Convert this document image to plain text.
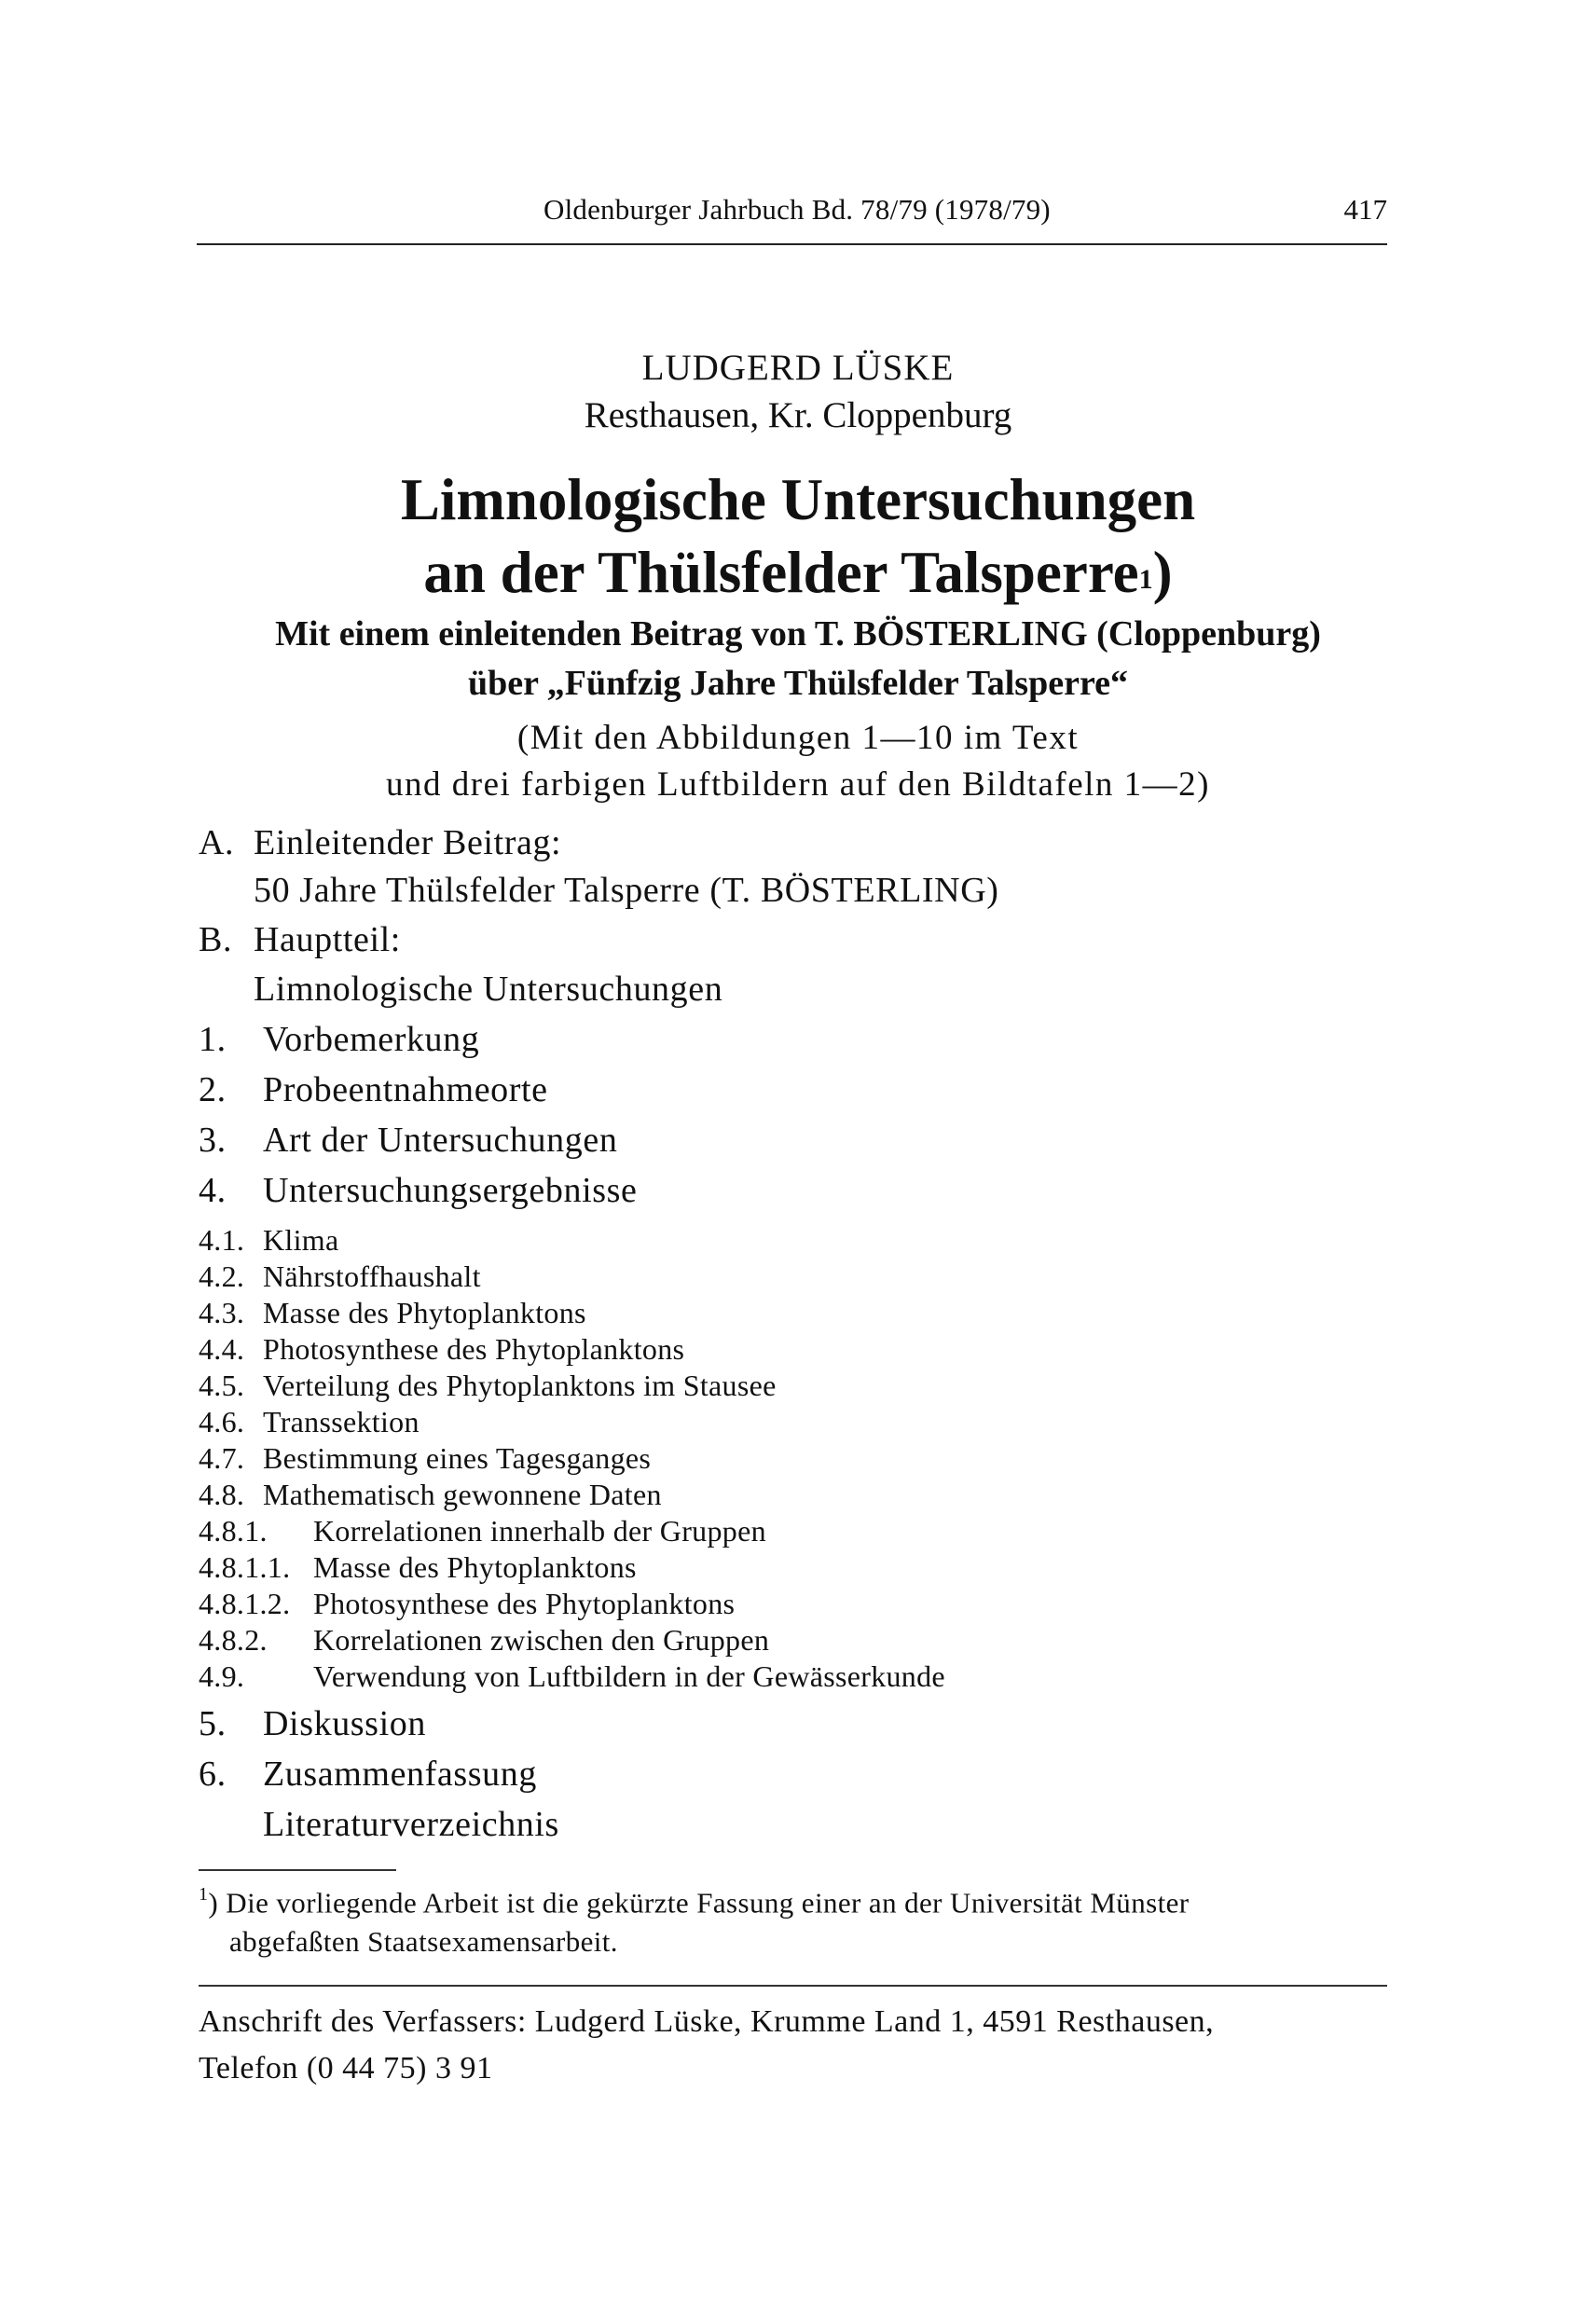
Oldenburger Jahrbuch Bd. 78/79 (1978/79)	417
LUDGERD LÜSKE
Resthausen, Kr. Cloppenburg
Limnologische Untersuchungen
an der Thülsfelder Talsperre$^1$)
Mit einem einleitenden Beitrag von T. BÖSTERLING (Cloppenburg)
über „Fünfzig Jahre Thülsfelder Talsperre“
(Mit den Abbildungen 1—10 im Text
und drei farbigen Luftbildern auf den Bildtafeln 1—2)
A. Einleitender Beitrag:
50 Jahre Thülsfelder Talsperre (T. BÖSTERLING)
B. Hauptteil:
Limnologische Untersuchungen
1. Vorbemerkung
2. Probeentnahmeorte
3. Art der Untersuchungen
4. Untersuchungsergebnisse
4.1. Klima
4.2. Nährstoffhaushalt
4.3. Masse des Phytoplanktons
4.4. Photosynthese des Phytoplanktons
4.5. Verteilung des Phytoplanktons im Stausee
4.6. Transsektion
4.7. Bestimmung eines Tagesganges
4.8. Mathematisch gewonnene Daten
4.8.1. Korrelationen innerhalb der Gruppen
4.8.1.1. Masse des Phytoplanktons
4.8.1.2. Photosynthese des Phytoplanktons
4.8.2. Korrelationen zwischen den Gruppen
4.9. Verwendung von Luftbildern in der Gewässerkunde
5. Diskussion
6. Zusammenfassung
Literaturverzeichnis
$^1$) Die vorliegende Arbeit ist die gekürzte Fassung einer an der Universität Münster
abgefaßten Staatsexamensarbeit.
Anschrift des Verfassers: Ludgerd Lüske, Krumme Land 1, 4591 Resthausen,
Telefon (0 44 75) 3 91
